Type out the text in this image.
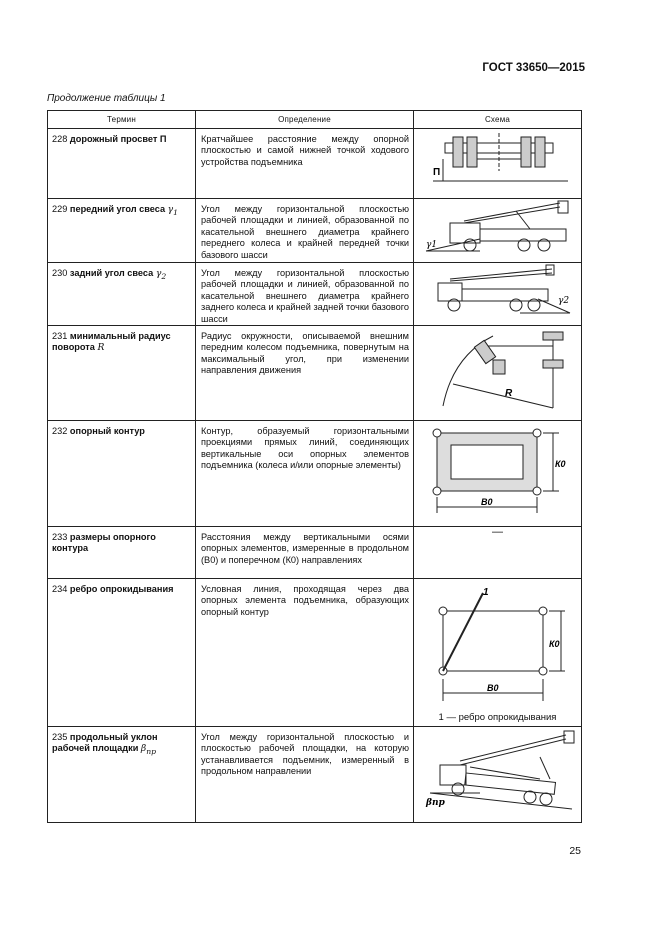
ГОСТ 33650—2015
Продолжение таблицы 1
Термин	Определение	Схема
228 дорожный просвет П	Кратчайшее расстояние между опорной плоскостью и самой нижней точкой ходового устройства подъемника	П

229 передний угол свеса $\gamma_1$	Угол между горизонтальной плоскостью рабочей площадки и линией, образованной по касательной внешнего диаметра крайнего переднего колеса и крайней передней точки базового шасси	γ1

230 задний угол свеса $\gamma_2$	Угол между горизонтальной плоскостью рабочей площадки и линией, образованной по касательной внешнего диаметра крайнего заднего колеса и крайней задней точки базового шасси	γ2

231 минимальный радиус поворота R	Радиус окружности, описываемой внешним передним колесом подъемника, повернутым на максимальный угол, при изменении направления движения	R

232 опорный контур	Контур, образуемый горизонтальными проекциями прямых линий, соединяющих вертикальные оси опорных элементов подъемника (колеса и/или опорные элементы)	К0
В0

233 размеры опорного контура	Расстояния между вертикальными осями опорных элементов, измеренные в продольном (В0) и поперечном (К0) направлениях	—
234 ребро опрокидывания	Условная линия, проходящая через два опорных элемента подъемника, образующих опорный контур	1
К0
В0
1 — ребро опрокидывания

235 продольный уклон рабочей площадки $\beta_{пр}$	Угол между горизонтальной плоскостью и плоскостью рабочей площадки, на которую устанавливается подъемник, измеренный в продольном направлении	βпр
25
